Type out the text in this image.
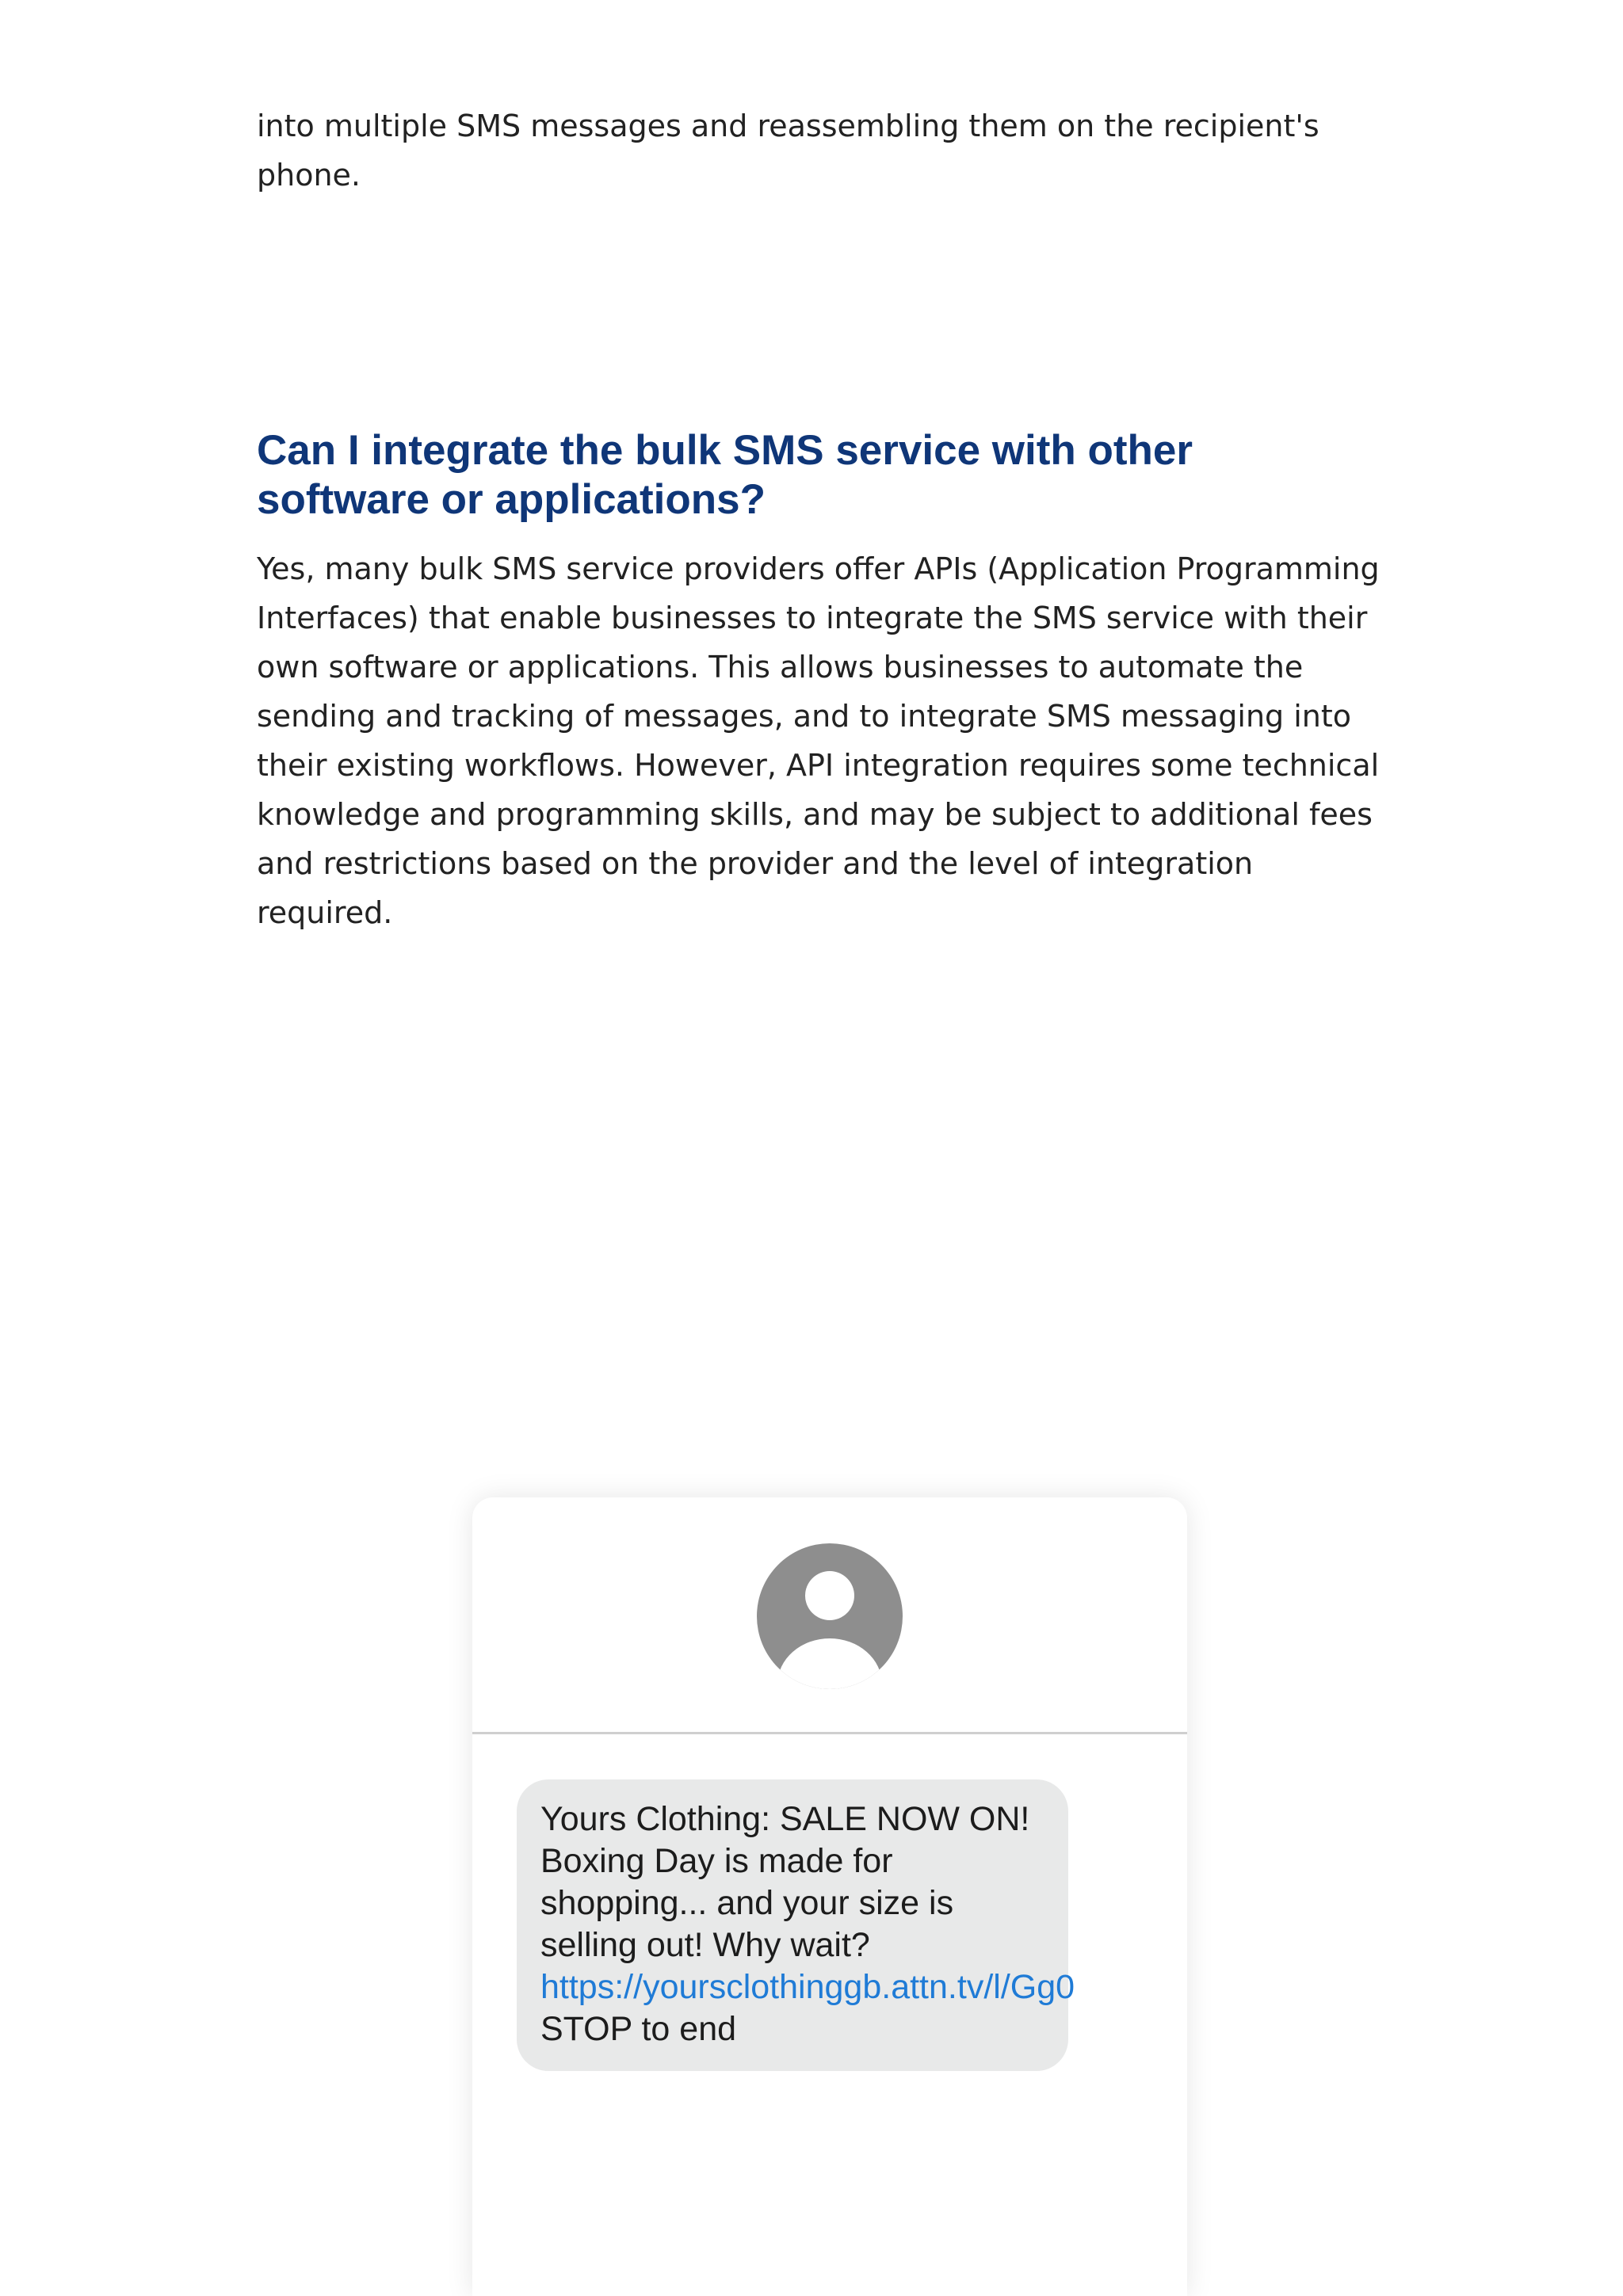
into multiple SMS messages and reassembling them on the recipient's phone.

Can I integrate the bulk SMS service with other software or applications?

Yes, many bulk SMS service providers offer APIs (Application Programming Interfaces) that enable businesses to integrate the SMS service with their own software or applications. This allows businesses to automate the sending and tracking of messages, and to integrate SMS messaging into their existing workflows. However, API integration requires some technical knowledge and programming skills, and may be subject to additional fees and restrictions based on the provider and the level of integration required.

Yours Clothing: SALE NOW ON! Boxing Day is made for shopping... and your size is selling out! Why wait? https://yoursclothinggb.attn.tv/l/Gg0 STOP to end
